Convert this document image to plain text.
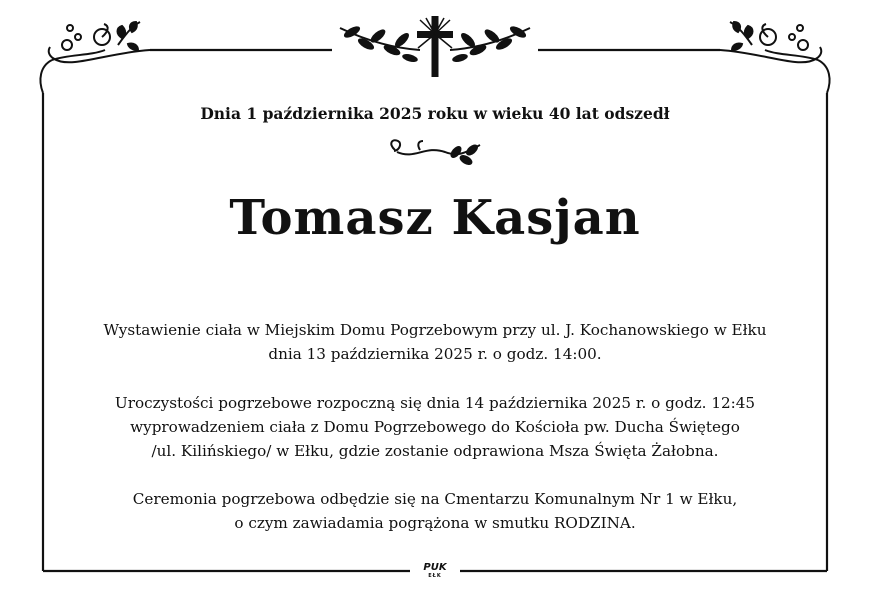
Dnia 1 października 2025 roku w wieku 40 lat odszedł
Tomasz Kasjan
Wystawienie ciała w Miejskim Domu Pogrzebowym przy ul. J. Kochanowskiego w Ełku
dnia 13 października 2025 r. o godz. 14:00.
Uroczystości pogrzebowe rozpoczną się dnia 14 października 2025 r. o godz. 12:45
wyprowadzeniem ciała z Domu Pogrzebowego do Kościoła pw. Ducha Świętego
/ul. Kilińskiego/ w Ełku, gdzie zostanie odprawiona Msza Święta Żałobna.
Ceremonia pogrzebowa odbędzie się na Cmentarzu Komunalnym Nr 1 w Ełku,
o czym zawiadamia pogrążona w smutku RODZINA.
PUK
EŁK
